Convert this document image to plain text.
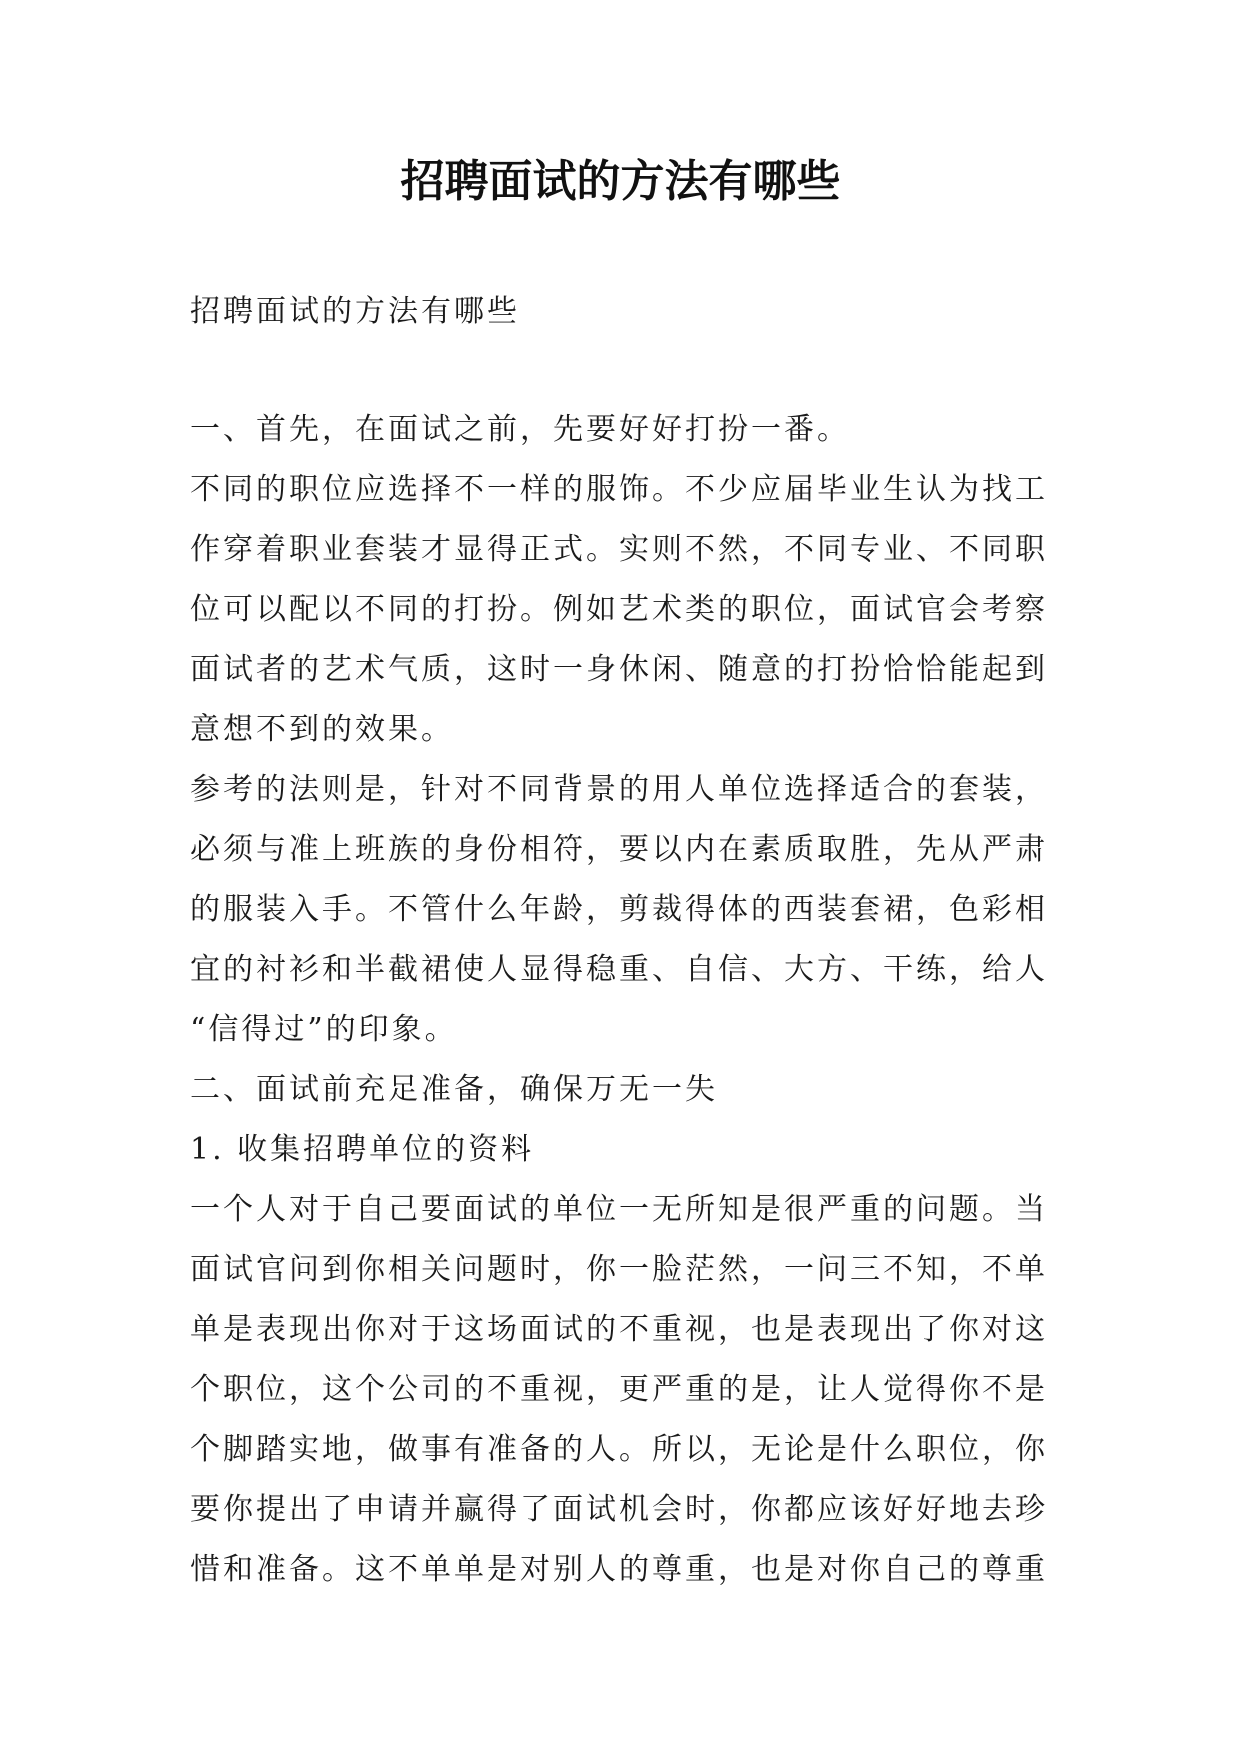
招聘面试的方法有哪些

招聘面试的方法有哪些

一、首先，在面试之前，先要好好打扮一番。

不同的职位应选择不一样的服饰。不少应届毕业生认为找工

作穿着职业套装才显得正式。实则不然，不同专业、不同职

位可以配以不同的打扮。例如艺术类的职位，面试官会考察

面试者的艺术气质，这时一身休闲、随意的打扮恰恰能起到

意想不到的效果。

参考的法则是，针对不同背景的用人单位选择适合的套装，

必须与准上班族的身份相符，要以内在素质取胜，先从严肃

的服装入手。不管什么年龄，剪裁得体的西装套裙，色彩相

宜的衬衫和半截裙使人显得稳重、自信、大方、干练，给人

“信得过”的印象。

二、面试前充足准备，确保万无一失

1. 收集招聘单位的资料

一个人对于自己要面试的单位一无所知是很严重的问题。当

面试官问到你相关问题时，你一脸茫然，一问三不知，不单

单是表现出你对于这场面试的不重视，也是表现出了你对这

个职位，这个公司的不重视，更严重的是，让人觉得你不是

个脚踏实地，做事有准备的人。所以，无论是什么职位，你

要你提出了申请并赢得了面试机会时，你都应该好好地去珍

惜和准备。这不单单是对别人的尊重，也是对你自己的尊重
